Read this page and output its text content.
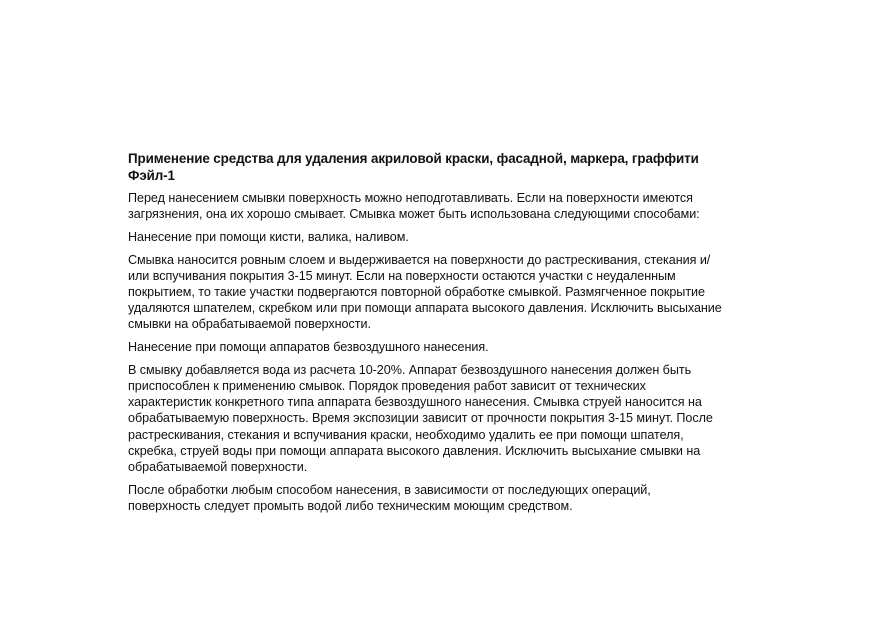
Применение средства для удаления акриловой краски, фасадной, маркера, граффити
Фэйл-1

Перед нанесением смывки поверхность можно неподготавливать. Если на поверхности имеются
загрязнения, она их хорошо смывает. Смывка может быть использована следующими способами:

Нанесение при помощи кисти, валика, наливом.

Смывка наносится ровным слоем и выдерживается на поверхности до растрескивания, стекания и/
или вспучивания покрытия 3-15 минут. Если на поверхности остаются участки с неудаленным
покрытием, то такие участки подвергаются повторной обработке смывкой. Размягченное покрытие
удаляются шпателем, скребком или при помощи аппарата высокого давления. Исключить высыхание
смывки на обрабатываемой поверхности.

Нанесение при помощи аппаратов безвоздушного нанесения.

В смывку добавляется вода из расчета 10-20%. Аппарат безвоздушного нанесения должен быть
приспособлен к применению смывок. Порядок проведения работ зависит от технических
характеристик конкретного типа аппарата безвоздушного нанесения. Смывка струей наносится на
обрабатываемую поверхность. Время экспозиции зависит от прочности покрытия 3-15 минут. После
растрескивания, стекания и вспучивания краски, необходимо удалить ее при помощи шпателя,
скребка, струей воды при помощи аппарата высокого давления. Исключить высыхание смывки на
обрабатываемой поверхности.

После обработки любым способом нанесения, в зависимости от последующих операций,
поверхность следует промыть водой либо техническим моющим средством.
